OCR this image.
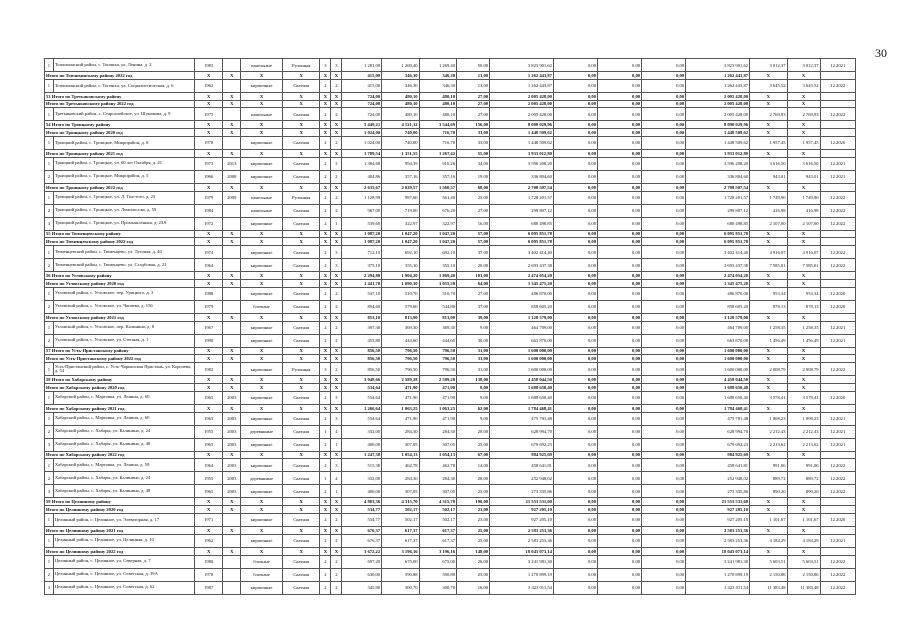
30
1	Топчихинский район, с. Топчиха, ул. Ленина, д. 2	1983		панельные	Рулонная	3	3	1 281,00	1 269,40	1 269,40	50,00	3 823 901,62	0,00	0,00	0,00	3 823 901,62	3 012,37	3 012,37	12.2021
Итого по Топчихинскому району 2022 год		X	X	X	X	X	X	415,00	346,30	346,30	13,00	1 262 443,87	0,00	0,00	0,00	1 262 443,87	X	X	
1	Топчихинский район, с. Топчиха, ул. Социалистическая, д. 6	1962		кирпичные	Скатная	2	2	415,00	346,30	346,30	13,00	1 262 443,87	0,00	0,00	0,00	1 262 443,87	3 645,52	3 645,52	12.2022
53 Итого по Третьяковскому району		X	X	X	X	X	X	724,00	480,10	480,10	27,00	2 005 428,00	0,00	0,00	0,00	2 005 428,00	X	X	
Итого по Третьяковскому району 2022 год		X	X	X	X	X	X	724,00	480,10	480,10	27,00	2 005 428,00	0,00	0,00	0,00	2 005 428,00	X	X	
1	Третьяковский район, с. Староалейское, ул. Шумакова, д. 9	1975		панельные	Скатная	2	2	724,00	480,10	480,10	27,00	2 005 428,00	0,00	0,00	0,00	2 005 428,00	2 769,93	2 769,93	12.2022
54 Итого по Троицкому району		X	X	X	X	X	X	5 449,21	4 121,12	3 544,69	156,00	8 090 029,96	0,00	0,00	0,00	8 090 029,96	X	X	
Итого по Троицкому району 2020 год		X	X	X	X	X	X	1 024,00	740,00	716,70	33,00	1 448 509,62	0,00	0,00	0,00	1 448 509,62	X	X	
1	Троицкий район, с. Троицкое, Микрорайон, д. 8	1978		кирпичные	Скатная	2	2	1 024,00	740,00	716,70	33,00	1 448 509,62	0,00	0,00	0,00	1 448 509,62	1 957,45	1 957,45	12.2020
Итого по Троицкому району 2021 год		X	X	X	X	X	X	1 789,54	1 351,55	1 267,42	55,00	3 933 012,80	0,00	0,00	0,00	3 933 012,80	X	X	
1	Троицкий район, с. Троицкое, ул. 60 лет Октября, д. 41	1973	2013	кирпичные	Скатная	2	3	1 384,68	994,39	910,26	34,00	3 596 208,20	0,00	0,00	0,00	3 596 208,20	3 616,50	3 616,50	12.2021
2	Троицкий район, с. Троицкое, Микрорайон, д. 5	1966	2008	кирпичные	Скатная	2	2	404,86	357,16	357,16	19,00	336 804,60	0,00	0,00	0,00	336 804,60	943,01	943,01	12.2021
Итого по Троицкому району 2022 год		X	X	X	X	X	X	2 635,67	2 029,57	1 560,57	68,00	2 708 507,54	0,00	0,00	0,00	2 708 507,54	X	X	
1	Троицкий район, с. Троицкое, ул. Л. Толстого, д. 23	1979	2009	панельные	Рулонная	2	2	1 128,99	987,60	561,40	25,00	1 728 201,57	0,00	0,00	0,00	1 728 201,57	1 749,90	1 749,90	12.2022
2	Троицкий район, с. Троицкое, ул. Ломоносова, д. 59	1984		панельные	Скатная	2	2	967,00	719,00	676,20	27,00	299 807,12	0,00	0,00	0,00	299 807,12	416,98	416,98	12.2022
3	Троицкий район, с. Троицкое, ул. Промышленная, д. 23А	1972		кирпичные	Скатная	2	1	539,68	322,97	322,97	16,00	680 498,85	0,00	0,00	0,00	680 498,85	2 107,00	2 107,00	12.2022
55 Итого по Тюменцевскому району		X	X	X	X	X	X	1 087,20	1 047,20	1 047,20	57,00	6 095 851,78	0,00	0,00	0,00	6 095 851,78	X	X	
Итого по Тюменцевскому району 2022 год		X	X	X	X	X	X	1 087,20	1 047,20	1 047,20	57,00	6 095 851,78	0,00	0,00	0,00	6 095 851,78	X	X	
1	Тюменцевский район, с. Тюменцево, ул. Луговая, д. 40	1974		кирпичные	Скатная	2	3	712,10	692,10	692,10	37,00	3 402 414,40	0,00	0,00	0,00	3 402 414,40	4 916,07	4 916,07	12.2022
2	Тюменцевский район, с. Тюменцево, ул. Стадбовая, д. 21	1964		кирпичные	Скатная	2	3	375,10	355,10	355,10	20,00	2 693 437,38	0,00	0,00	0,00	2 693 437,38	7 585,01	7 585,01	12.2022
56 Итого по Угловскому району		X	X	X	X	X	X	2 294,80	1 904,20	1 869,40	103,00	2 474 054,20	0,00	0,00	0,00	2 474 054,20	X	X	
Итого по Угловскому району 2020 год		X	X	X	X	X	X	1 441,70	1 090,30	1 055,50	64,00	1 345 475,20	0,00	0,00	0,00	1 345 475,20	X	X	
1	Угловский район, с. Угловское, пер. Урицкого, д. 3	1988		кирпичные	Скатная	2	2	547,10	510,70	510,70	27,00	486 870,00	0,00	0,00	0,00	486 870,00	953,34	953,34	12.2020
2	Угловский район, с. Угловское, ул. Чапаева, д. 156	1979		блочные	Скатная	2	2	894,60	579,60	544,80	37,00	858 605,20	0,00	0,00	0,00	858 605,20	878,13	878,13	12.2020
Итого по Угловскому району 2021 год		X	X	X	X	X	X	853,10	813,90	813,90	39,00	1 128 579,00	0,00	0,00	0,00	1 128 579,00	X	X	
1	Угловский район, с. Угловское, пер. Калинина, д. 8	1967		кирпичные	Скатная	2	2	397,30	369,30	369,30	9,00	464 709,00	0,00	0,00	0,00	464 709,00	1 258,35	1 258,35	12.2021
2	Угловский район, с. Угловское, ул. Степная, д. 1	1990		кирпичные	Скатная	2	2	455,80	444,60	444,60	30,00	663 870,00	0,00	0,00	0,00	663 870,00	1 456,49	1 456,49	12.2021
57 Итого по Усть-Пристанскому району		X	X	X	X	X	X	856,50	796,50	796,50	31,00	1 600 000,00	0,00	0,00	0,00	1 600 000,00	X	X	
Итого по Усть-Пристанскому району 2022 год		X	X	X	X	X	X	856,50	796,50	796,50	31,00	1 600 000,00	0,00	0,00	0,00	1 600 000,00	X	X	
1	Усть-Пристанский район, с. Усть-Чарышская Пристань, ул. Королева, д. 54	1982		кирпичные	Рулонная	3	2	856,50	796,50	796,50	31,00	1 600 000,00	0,00	0,00	0,00	1 600 000,00	2 008,79	2 008,79	12.2022
58 Итого по Хабарскому району		X	X	X	X	X	X	3 048,66	2 589,28	2 589,28	138,00	4 458 044,50	0,00	0,00	0,00	4 458 044,50	X	X	
Итого по Хабарскому району 2020 год		X	X	X	X	X	X	534,64	471,90	471,90	9,00	1 688 650,40	0,00	0,00	0,00	1 688 650,40	X	X	
1	Хабарский район, с. Мартовка, ул. Ленина, д. 60	1965	2003	кирпичные	Скатная	2	3	534,64	471,90	471,90	9,00	1 688 650,40	0,00	0,00	0,00	1 688 650,40	3 578,41	3 578,41	12.2020
Итого по Хабарскому району 2021 год		X	X	X	X	X	X	1 266,64	1 063,25	1 063,25	62,00	1 784 468,41	0,00	0,00	0,00	1 784 468,41	X	X	
1	Хабарский район, с. Мартовка, ул. Ленина, д. 60	1965	2003	кирпичные	Скатная	2	3	534,64	471,90	471,90	9,00	475 781,48	0,00	0,00	0,00	475 781,48	1 008,23	1 008,23	12.2021
2	Хабарский район, с. Хабары, ул. Калинина, д. 24	1955	2003	деревянные	Скатная	1	4	332,00	284,30	284,30	28,00	628 994,70	0,00	0,00	0,00	628 994,70	2 212,43	2 212,43	12.2021
3	Хабарский район, с. Хабары, ул. Калинина, д. 48	1965	2003	кирпичные	Скатная	2	1	400,00	307,05	307,05	25,00	679 692,23	0,00	0,00	0,00	679 692,23	2 213,62	2 213,62	12.2021
Итого по Хабарскому району 2022 год		X	X	X	X	X	X	1 247,38	1 054,13	1 054,13	67,00	984 925,69	0,00	0,00	0,00	984 925,69	X	X	
1	Хабарский район, с. Мартовка, ул. Ленина, д. 58	1964	2003	кирпичные	Скатная	2	3	515,38	462,78	462,78	14,00	458 641,81	0,00	0,00	0,00	458 641,81	991,06	991,06	12.2022
2	Хабарский район, с. Хабары, ул. Калинина, д. 24	1955	2003	деревянные	Скатная	1	4	332,00	284,30	284,30	28,00	252 948,02	0,00	0,00	0,00	252 948,02	889,72	889,72	12.2022
3	Хабарский район, с. Хабары, ул. Калинина, д. 48	1965	2003	кирпичные	Скатная	2	1	400,00	307,05	307,05	25,00	273 335,86	0,00	0,00	0,00	273 335,86	890,20	890,20	12.2022
59 Итого по Целинному району		X	X	X	X	X	X	4 883,36	4 315,70	4 315,70	196,00	21 553 531,60	0,00	0,00	0,00	21 553 531,60	X	X	
Итого по Целинному району 2020 год		X	X	X	X	X	X	534,77	502,17	502,17	23,00	927 205,10	0,00	0,00	0,00	927 205,10	X	X	
1	Целинный район, с. Целинное, ул. Элеваторная, д. 17	1971		кирпичные	Скатная	2	2	534,77	502,17	502,17	23,00	927 205,10	0,00	0,00	0,00	927 205,10	1 101,67	1 101,67	12.2020
Итого по Целинному району 2021 год		X	X	X	X	X	X	676,37	617,37	617,37	25,00	2 583 253,36	0,00	0,00	0,00	2 583 253,36	X	X	
1	Целинный район, с. Целинное, ул. Целинная, д. 10	1962		кирпичные	Скатная	2	2	676,37	617,37	617,37	25,00	2 583 253,36	0,00	0,00	0,00	2 583 253,36	4 184,29	4 184,29	12.2021
Итого по Целинному району 2022 год		X	X	X	X	X	X	3 672,22	3 196,16	3 196,16	148,00	18 043 073,14	0,00	0,00	0,00	18 043 073,14	X	X	
1	Целинный район, с. Целинное, ул. Северная, д. 7	1980		блочные	Скатная	2	2	697,20	675,00	675,00	26,00	3 241 981,30	0,00	0,00	0,00	3 241 981,30	5 603,51	5 603,51	12.2022
2	Целинный район, с. Целинное, ул. Советская, д. 39А	1978		блочные	Скатная	2	2	630,00	590,88	590,88	25,00	1 270 899,19	0,00	0,00	0,00	1 270 899,19	2 150,86	2 150,86	12.2022
3	Целинный район, с. Целинное, ул. Советская, д. 62	1987		кирпичные	Скатная	2	2	345,90	300,70	300,70	16,00	3 423 011,54	0,00	0,00	0,00	3 423 011,54	11 383,48	11 383,48	12.2022
